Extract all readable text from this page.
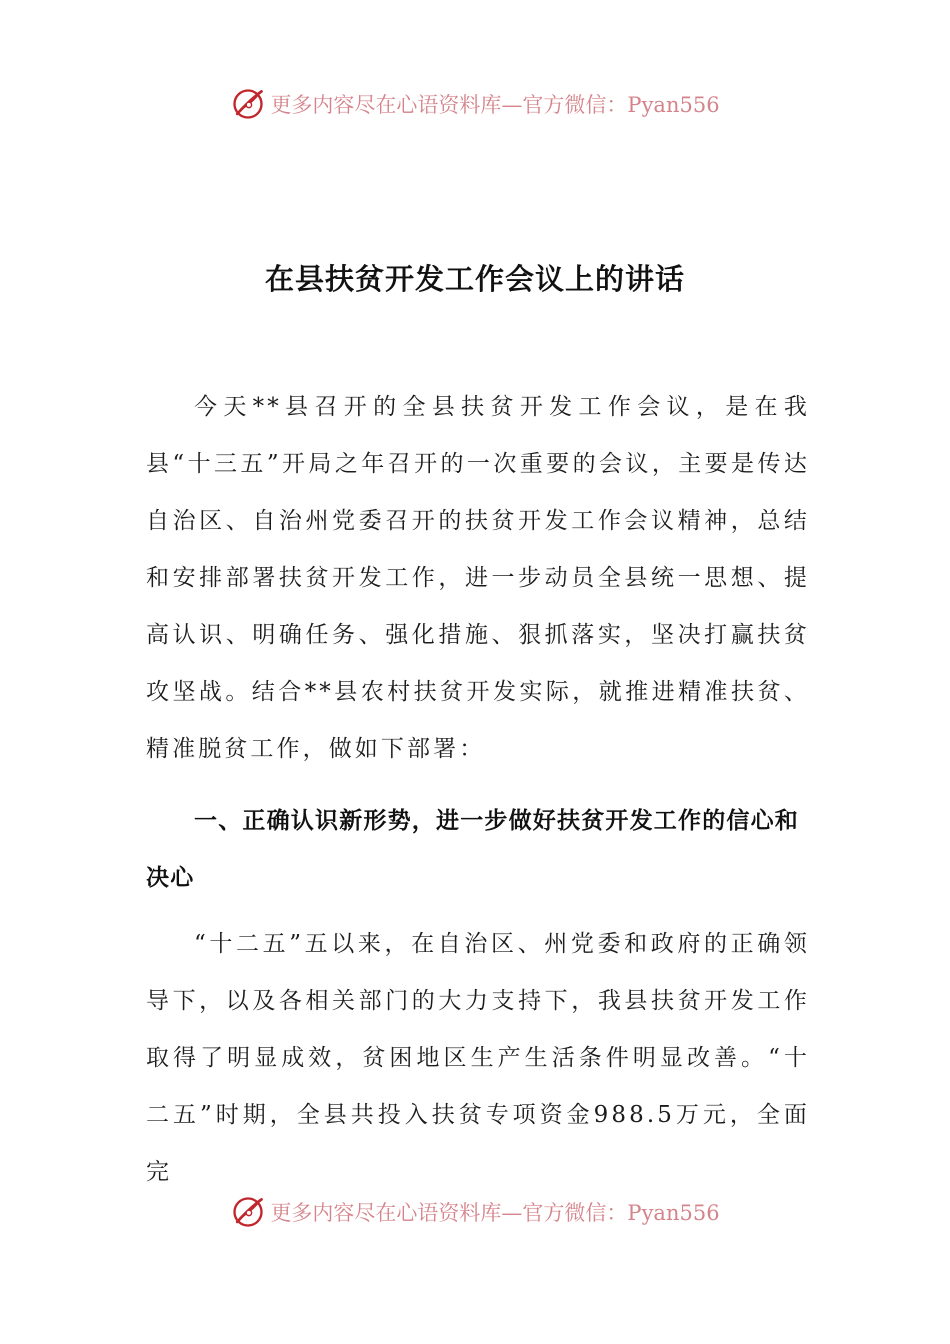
更多内容尽在心语资料库—官方微信：Pyan556
在县扶贫开发工作会议上的讲话

今天**县召开的全县扶贫开发工作会议，是在我县“十三五”开局之年召开的一次重要的会议，主要是传达自治区、自治州党委召开的扶贫开发工作会议精神，总结和安排部署扶贫开发工作，进一步动员全县统一思想、提高认识、明确任务、强化措施、狠抓落实，坚决打赢扶贫攻坚战。结合**县农村扶贫开发实际，就推进精准扶贫、精准脱贫工作，做如下部署：

一、正确认识新形势，进一步做好扶贫开发工作的信心和决心

“十二五”五以来，在自治区、州党委和政府的正确领导下，以及各相关部门的大力支持下，我县扶贫开发工作取得了明显成效，贫困地区生产生活条件明显改善。“十二五”时期，全县共投入扶贫专项资金988.5万元，全面完

更多内容尽在心语资料库—官方微信：Pyan556
